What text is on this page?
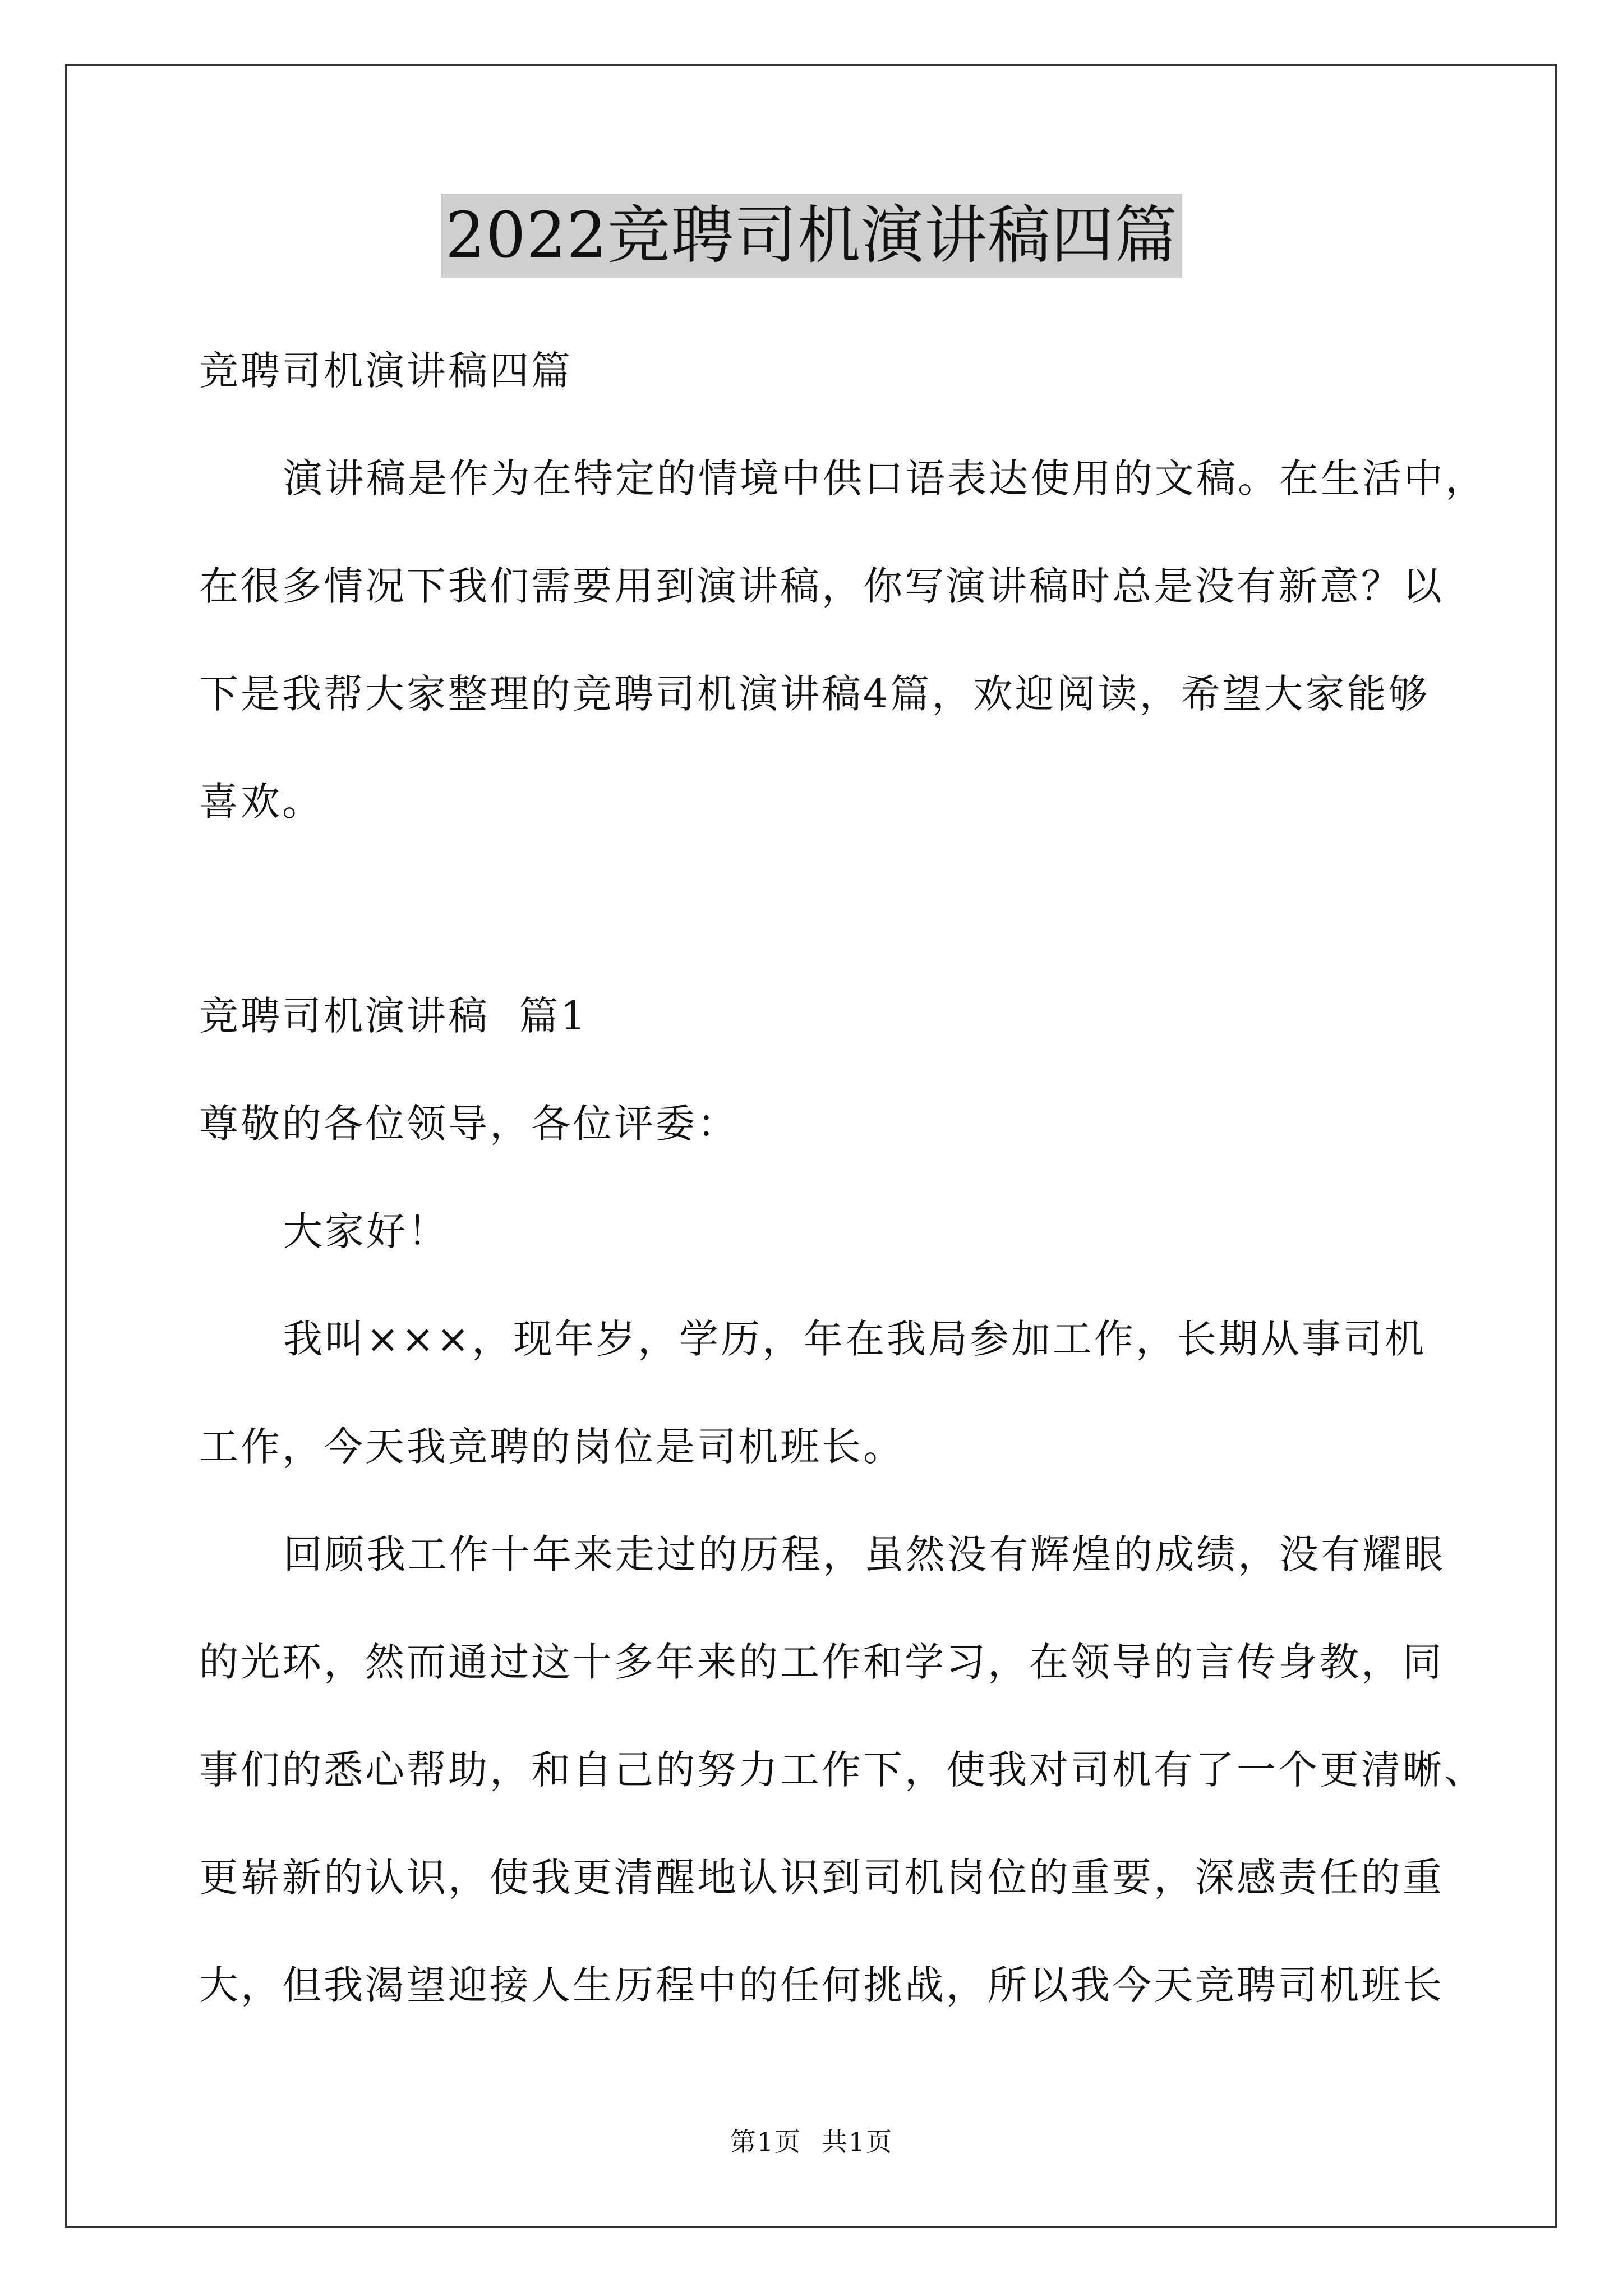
2022竞聘司机演讲稿四篇
竞聘司机演讲稿四篇
演讲稿是作为在特定的情境中供口语表达使用的文稿。在生活中，
在很多情况下我们需要用到演讲稿，你写演讲稿时总是没有新意？以
下是我帮大家整理的竞聘司机演讲稿4篇，欢迎阅读，希望大家能够
喜欢。
竞聘司机演讲稿  篇1
尊敬的各位领导，各位评委：
大家好！
我叫×××，现年岁，学历，年在我局参加工作，长期从事司机
工作，今天我竞聘的岗位是司机班长。
回顾我工作十年来走过的历程，虽然没有辉煌的成绩，没有耀眼
的光环，然而通过这十多年来的工作和学习，在领导的言传身教，同
事们的悉心帮助，和自己的努力工作下，使我对司机有了一个更清晰、
更崭新的认识，使我更清醒地认识到司机岗位的重要，深感责任的重
大，但我渴望迎接人生历程中的任何挑战，所以我今天竞聘司机班长
第1页 共1页
